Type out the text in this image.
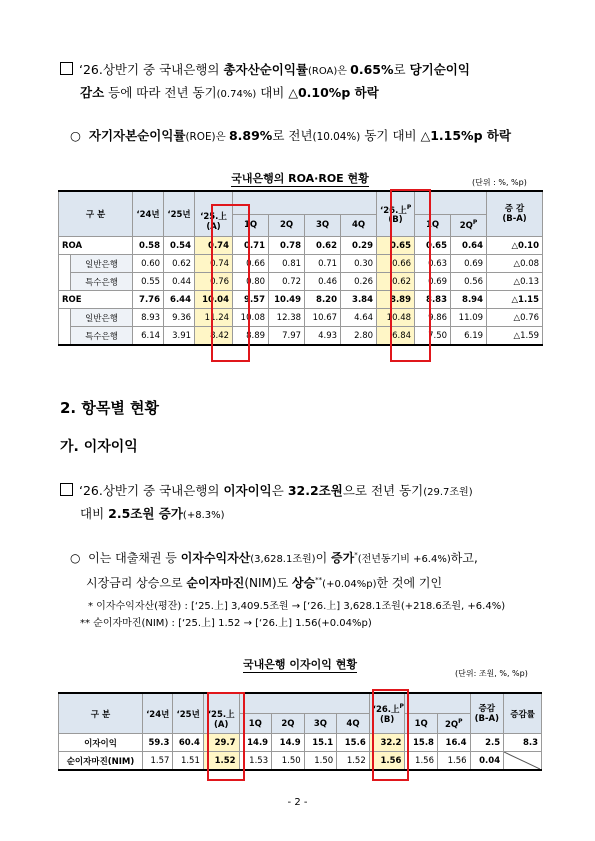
‘26.상반기 중 국내은행의 총자산순이익률(ROA)은 0.65%로 당기순이익
감소 등에 따라 전년 동기(0.74%) 대비 △0.10%p 하락
○ 자기자본순이익률(ROE)은 8.89%로 전년(10.04%) 동기 대비 △1.15%p 하락
국내은행의 ROA·ROE 현황	(단위 : %, %p)
구 분		‘24년	‘25년	‘25.上
(A)					‘26.上$^P$
(B)			증 감
(B-A)
					1Q	2Q	3Q	4Q		1Q	$2Q^P$
ROA		0.58	0.54	0.74	0.71	0.78	0.62	0.29	0.65	0.65	0.64	△0.10
	일반은행	0.60	0.62	0.74	0.66	0.81	0.71	0.30	0.66	0.63	0.69	△0.08
	특수은행	0.55	0.44	0.76	0.80	0.72	0.46	0.26	0.62	0.69	0.56	△0.13
ROE		7.76	6.44	10.04	9.57	10.49	8.20	3.84	8.89	8.83	8.94	△1.15
	일반은행	8.93	9.36	11.24	10.08	12.38	10.67	4.64	10.48	9.86	11.09	△0.76
	특수은행	6.14	3.91	8.42	8.89	7.97	4.93	2.80	6.84	7.50	6.19	△1.59
2. 항목별 현황
가. 이자이익
‘26.상반기 중 국내은행의 이자이익은 32.2조원으로 전년 동기(29.7조원)
대비 2.5조원 증가(+8.3%)
○ 이는 대출채권 등 이자수익자산(3,628.1조원)이 증가*(전년동기비 +6.4%)하고,
시장금리 상승으로 순이자마진(NIM)도 상승**(+0.04%p)한 것에 기인
* 이자수익자산(평잔) : [‘25.上] 3,409.5조원 → [‘26.上] 3,628.1조원(+218.6조원, +6.4%)
** 순이자마진(NIM) : [‘25.上] 1.52 → [‘26.上] 1.56(+0.04%p)
국내은행 이자이익 현황
(단위: 조원, %, %p)
구 분	‘24년	‘25년	‘25.上
(A)					‘26.上$^P$
(B)			증감
(B-A)	증감률
				1Q	2Q	3Q	4Q		1Q	$2Q^P$
이자이익	59.3	60.4	29.7	14.9	14.9	15.1	15.6	32.2	15.8	16.4	2.5	8.3
순이자마진(NIM)	1.57	1.51	1.52	1.53	1.50	1.50	1.52	1.56	1.56	1.56	0.04	
- 2 -
